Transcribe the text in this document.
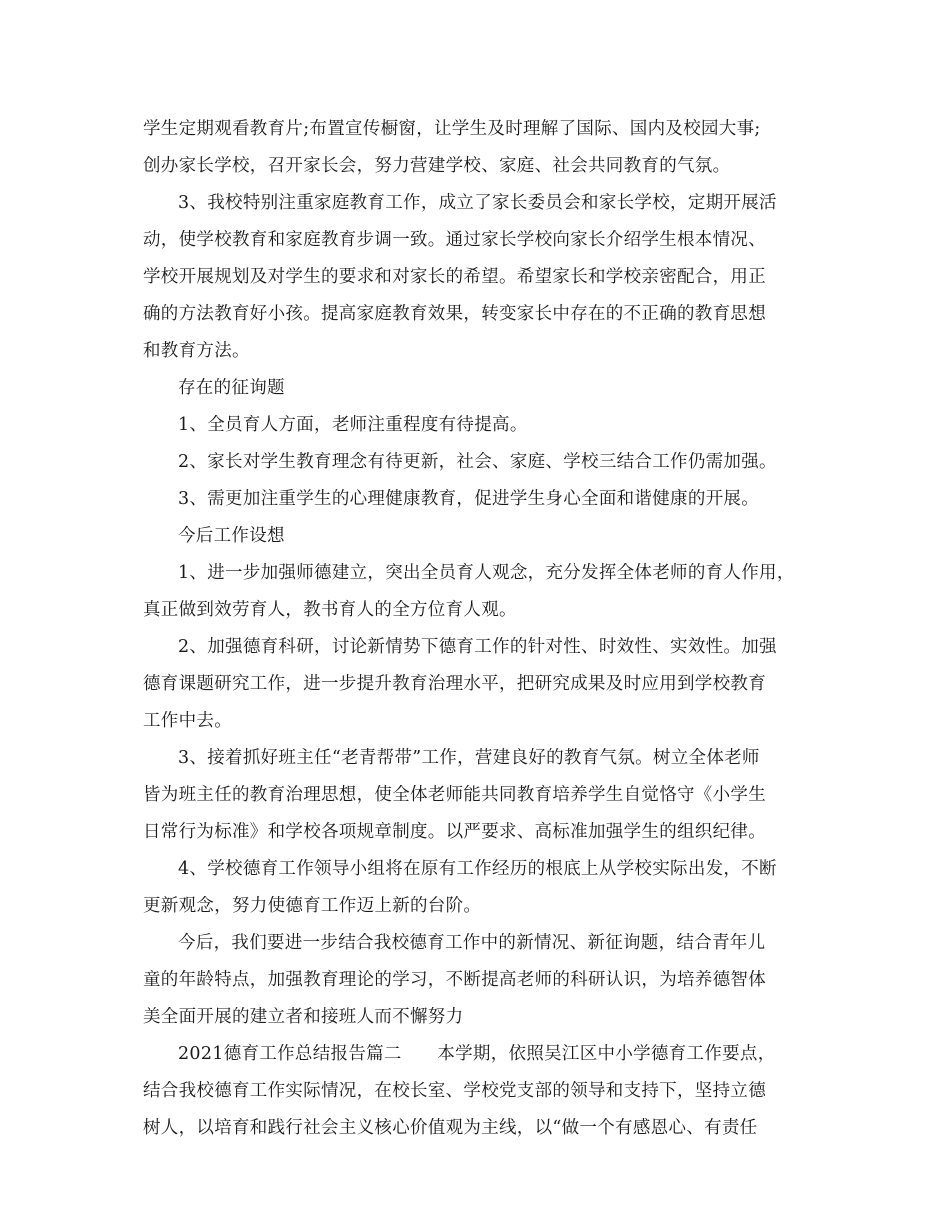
学生定期观看教育片;布置宣传橱窗，让学生及时理解了国际、国内及校园大事;
创办家长学校，召开家长会，努力营建学校、家庭、社会共同教育的气氛。
3、我校特别注重家庭教育工作，成立了家长委员会和家长学校，定期开展活
动，使学校教育和家庭教育步调一致。通过家长学校向家长介绍学生根本情况、
学校开展规划及对学生的要求和对家长的希望。希望家长和学校亲密配合，用正
确的方法教育好小孩。提高家庭教育效果，转变家长中存在的不正确的教育思想
和教育方法。
存在的征询题
1、全员育人方面，老师注重程度有待提高。
2、家长对学生教育理念有待更新，社会、家庭、学校三结合工作仍需加强。
3、需更加注重学生的心理健康教育，促进学生身心全面和谐健康的开展。
今后工作设想
1、进一步加强师德建立，突出全员育人观念，充分发挥全体老师的育人作用，
真正做到效劳育人，教书育人的全方位育人观。
2、加强德育科研，讨论新情势下德育工作的针对性、时效性、实效性。加强
德育课题研究工作，进一步提升教育治理水平，把研究成果及时应用到学校教育
工作中去。
3、接着抓好班主任“老青帮带”工作，营建良好的教育气氛。树立全体老师
皆为班主任的教育治理思想，使全体老师能共同教育培养学生自觉恪守《小学生
日常行为标准》和学校各项规章制度。以严要求、高标准加强学生的组织纪律。
4、学校德育工作领导小组将在原有工作经历的根底上从学校实际出发，不断
更新观念，努力使德育工作迈上新的台阶。
今后，我们要进一步结合我校德育工作中的新情况、新征询题，结合青年儿
童的年龄特点，加强教育理论的学习，不断提高老师的科研认识，为培养德智体
美全面开展的建立者和接班人而不懈努力
2021德育工作总结报告篇二　　本学期，依照吴江区中小学德育工作要点，
结合我校德育工作实际情况，在校长室、学校党支部的领导和支持下，坚持立德
树人，以培育和践行社会主义核心价值观为主线，以“做一个有感恩心、有责任
